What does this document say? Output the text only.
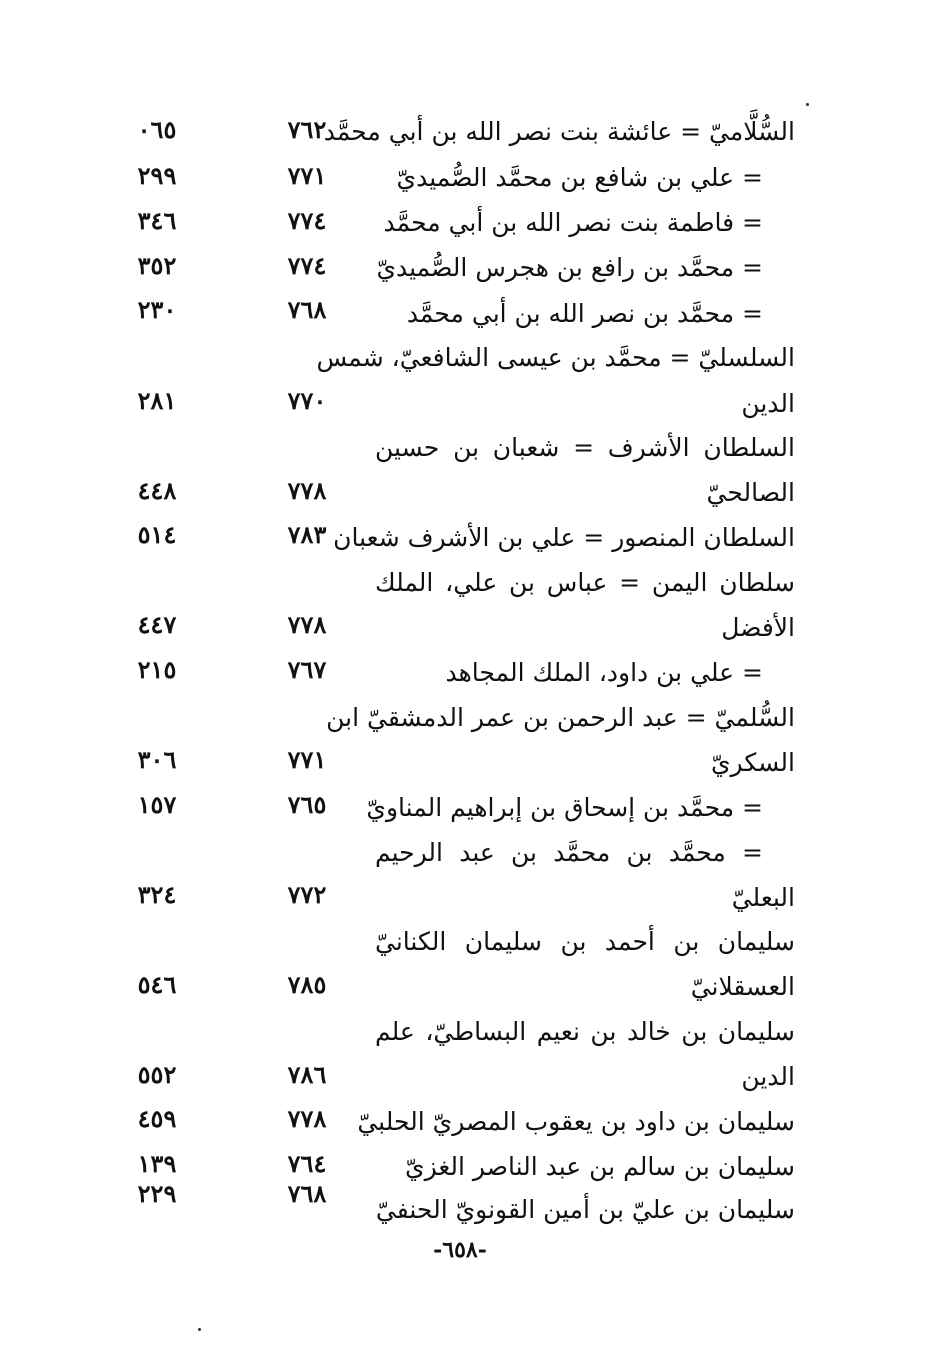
السُّلَّاميّ = عائشة بنت نصر الله بن أبي محمَّد
٧٦٢
٠٦٥
= علي بن شافع بن محمَّد الصُّميديّ
٧٧١
٢٩٩
= فاطمة بنت نصر الله بن أبي محمَّد
٧٧٤
٣٤٦
= محمَّد بن رافع بن هجرس الصُّميديّ
٧٧٤
٣٥٢
= محمَّد بن نصر الله بن أبي محمَّد
٧٦٨
٢٣٠
السلسليّ = محمَّد بن عيسى الشافعيّ، شمس
الدين
٧٧٠
٢٨١
السلطان الأشرف = شعبان بن حسين
الصالحيّ
٧٧٨
٤٤٨
السلطان المنصور = علي بن الأشرف شعبان
٧٨٣
٥١٤
سلطان اليمن = عباس بن علي، الملك
الأفضل
٧٧٨
٤٤٧
= علي بن داود، الملك المجاهد
٧٦٧
٢١٥
السُّلميّ = عبد الرحمن بن عمر الدمشقيّ ابن
السكريّ
٧٧١
٣٠٦
= محمَّد بن إسحاق بن إبراهيم المناويّ
٧٦٥
١٥٧
= محمَّد بن محمَّد بن عبد الرحيم
البعليّ
٧٧٢
٣٢٤
سليمان بن أحمد بن سليمان الكنانيّ
العسقلانيّ
٧٨٥
٥٤٦
سليمان بن خالد بن نعيم البساطيّ، علم
الدين
٧٨٦
٥٥٢
سليمان بن داود بن يعقوب المصريّ الحلبيّ
٧٧٨
٤٥٩
سليمان بن سالم بن عبد الناصر الغزيّ
٧٦٤
١٣٩
سليمان بن عليّ بن أمين القونويّ الحنفيّ
٧٦٨
٢٢٩
-٦٥٨-
